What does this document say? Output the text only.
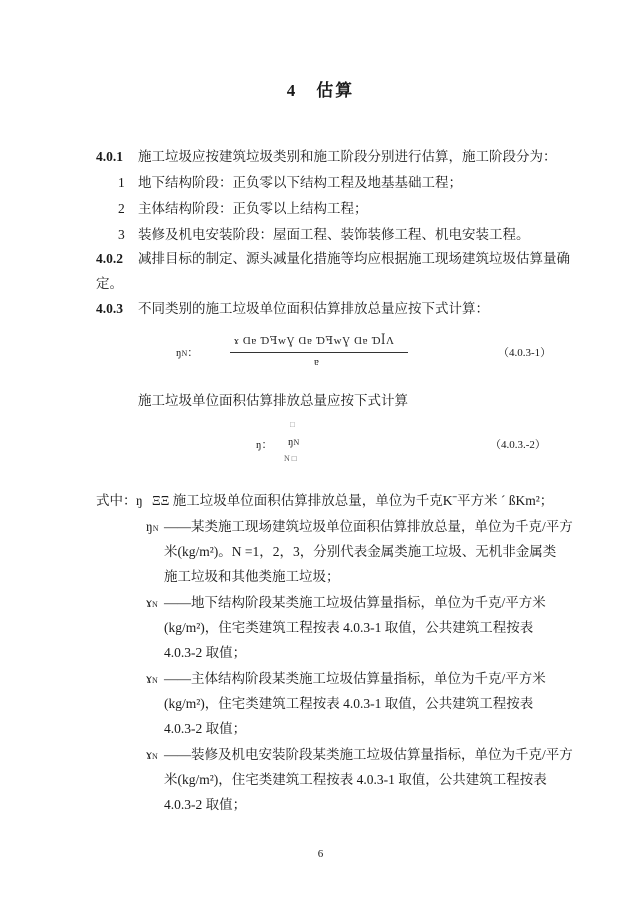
4　估算
4.0.1 施工垃圾应按建筑垃圾类别和施工阶段分别进行估算，施工阶段分为：
1 地下结构阶段：正负零以下结构工程及地基基础工程；
2 主体结构阶段：正负零以上结构工程；
3 装修及机电安装阶段：屋面工程、装饰装修工程、机电安装工程。
4.0.2 减排目标的制定、源头减量化措施等均应根据施工现场建筑垃圾估算量确
定。
4.0.3 不同类别的施工垃圾单位面积估算排放总量应按下式计算：
ŋN：
ɤ Ɑɐ ƊꟻwƔ Ɑɐ ƊꟻwƔ Ɑɐ ƊꟾɅ
ɐ
（4.0.3-1）
施工垃圾单位面积估算排放总量应按下式计算
ŋ：
□
ŋN
N □
（4.0.3.-2）
式中： ŋ ΞΞ 施工垃圾单位面积估算排放总量，单位为千克Kˉ平方米 ˊ ßKm²；
ŋN ——某类施工现场建筑垃圾单位面积估算排放总量，单位为千克/平方
米(kg/m²)。N =1，2，3，分别代表金属类施工垃圾、无机非金属类
施工垃圾和其他类施工垃圾；
ɤN ——地下结构阶段某类施工垃圾估算量指标，单位为千克/平方米
(kg/m²)，住宅类建筑工程按表 4.0.3-1 取值，公共建筑工程按表
4.0.3-2 取值；
ɤN ——主体结构阶段某类施工垃圾估算量指标，单位为千克/平方米
(kg/m²)，住宅类建筑工程按表 4.0.3-1 取值，公共建筑工程按表
4.0.3-2 取值；
ɤN ——装修及机电安装阶段某类施工垃圾估算量指标，单位为千克/平方
米(kg/m²)，住宅类建筑工程按表 4.0.3-1 取值，公共建筑工程按表
4.0.3-2 取值；
6
